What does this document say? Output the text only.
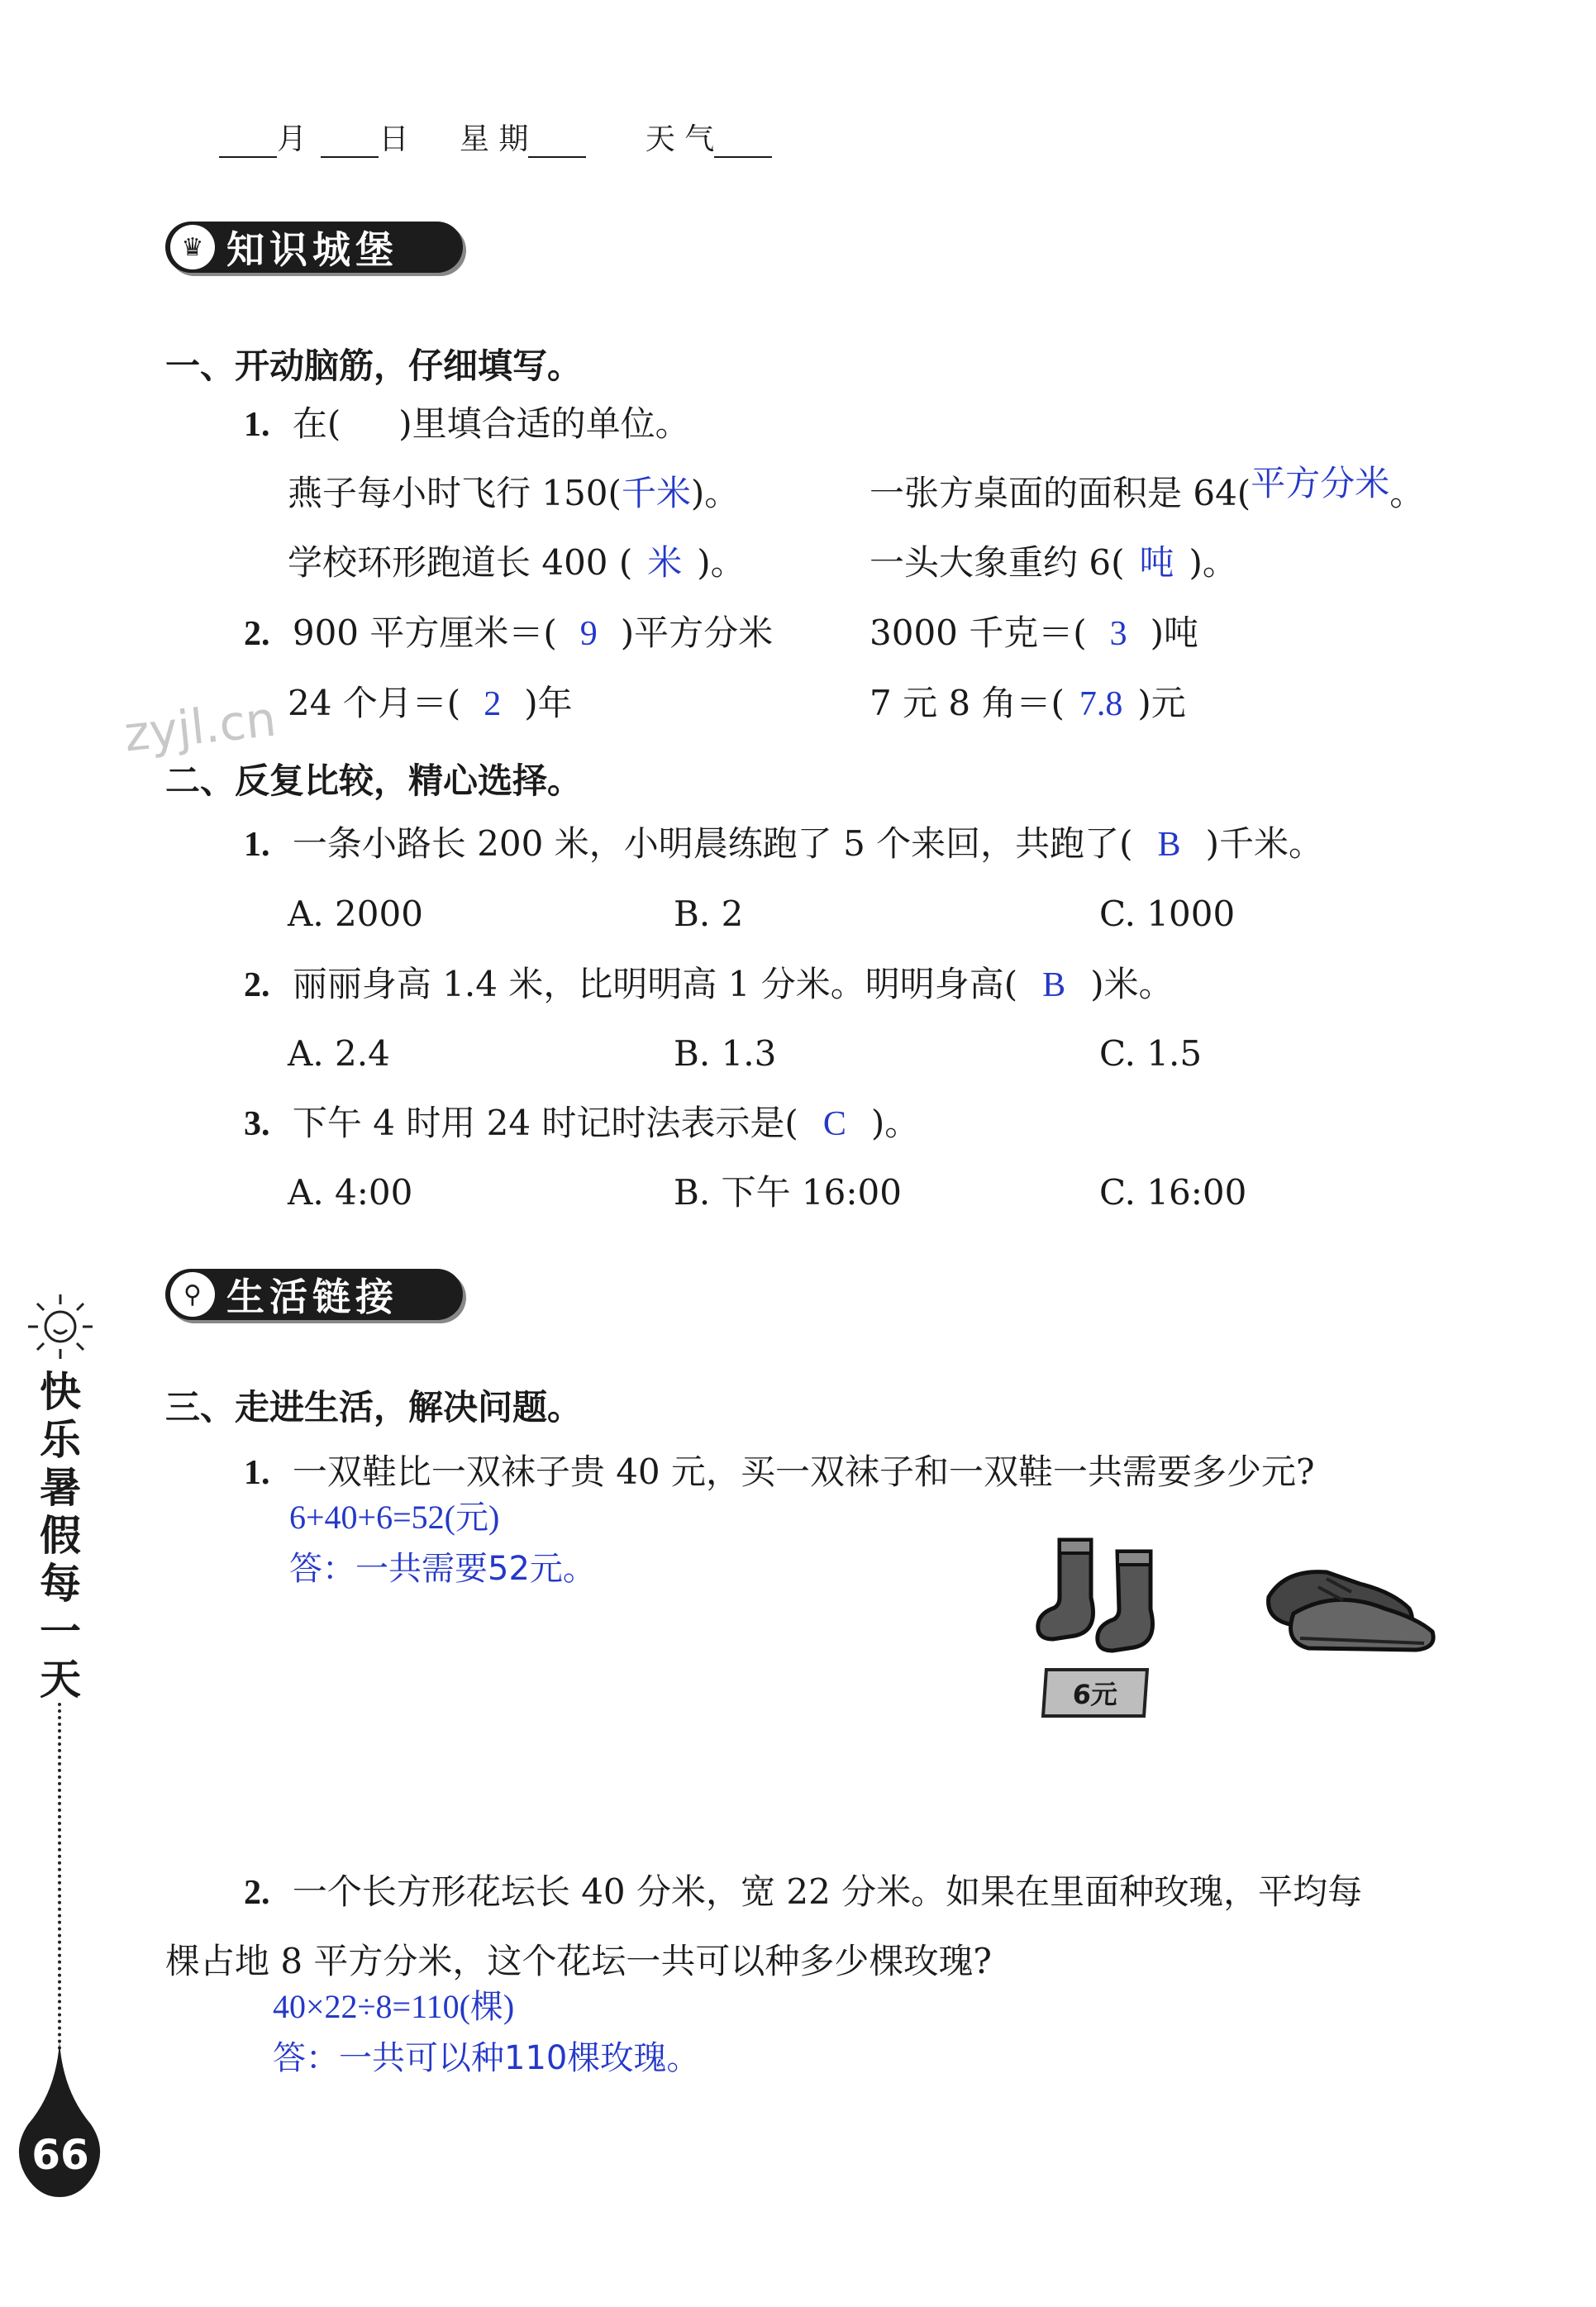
月 日 星 期	天 气
♛ 知识城堡
一、开动脑筋，仔细填写。
1. 在( )里填合适的单位。
燕子每小时飞行 150(千米)。	一张方桌面的面积是 64(平方分米。
学校环形跑道长 400 ( 米 )。	一头大象重约 6( 吨 )。
2. 900 平方厘米＝( 9 )平方分米	3000 千克＝( 3 )吨
24 个月＝( 2 )年	7 元 8 角＝( 7.8 )元
zyjl.cn
二、反复比较，精心选择。
1. 一条小路长 200 米，小明晨练跑了 5 个来回，共跑了( B )千米。
A. 2000	B. 2	C. 1000
2. 丽丽身高 1.4 米，比明明高 1 分米。明明身高( B )米。
A. 2.4	B. 1.3	C. 1.5
3. 下午 4 时用 24 时记时法表示是( C )。
A. 4:00	B. 下午 16:00	C. 16:00
⚲ 生活链接
三、走进生活，解决问题。
1. 一双鞋比一双袜子贵 40 元，买一双袜子和一双鞋一共需要多少元?
6+40+6=52(元)
答：一共需要52元。
6元
2. 一个长方形花坛长 40 分米，宽 22 分米。如果在里面种玫瑰，平均每
棵占地 8 平方分米，这个花坛一共可以种多少棵玫瑰?
40×22÷8=110(棵)
答：一共可以种110棵玫瑰。
快
乐
暑
假
每
一
天
66
